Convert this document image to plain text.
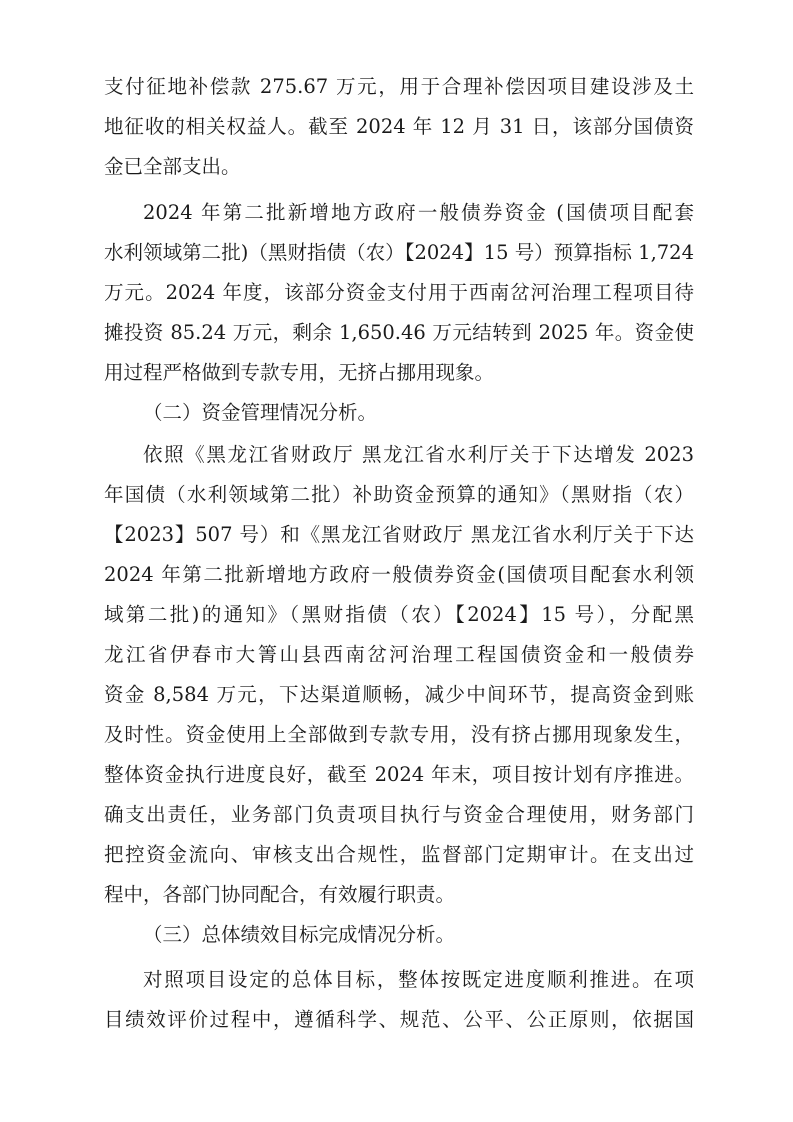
支付征地补偿款 275.67 万元，用于合理补偿因项目建设涉及土
地征收的相关权益人。截至 2024 年 12 月 31 日，该部分国债资
金已全部支出。
2024 年第二批新增地方政府一般债券资金 (国债项目配套
水利领域第二批)（黑财指债（农）【2024】15 号）预算指标 1,724
万元。2024 年度，该部分资金支付用于西南岔河治理工程项目待
摊投资 85.24 万元，剩余 1,650.46 万元结转到 2025 年。资金使
用过程严格做到专款专用，无挤占挪用现象。
（二）资金管理情况分析。
依照《黑龙江省财政厅 黑龙江省水利厅关于下达增发 2023
年国债（水利领域第二批）补助资金预算的通知》（黑财指（农）
【2023】507 号）和《黑龙江省财政厅 黑龙江省水利厅关于下达
2024 年第二批新增地方政府一般债券资金(国债项目配套水利领
域第二批)的通知》（黑财指债（农）【2024】15 号），分配黑
龙江省伊春市大箐山县西南岔河治理工程国债资金和一般债券
资金 8,584 万元，下达渠道顺畅，减少中间环节，提高资金到账
及时性。资金使用上全部做到专款专用，没有挤占挪用现象发生，
整体资金执行进度良好，截至 2024 年末，项目按计划有序推进。
确支出责任，业务部门负责项目执行与资金合理使用，财务部门
把控资金流向、审核支出合规性，监督部门定期审计。在支出过
程中，各部门协同配合，有效履行职责。
（三）总体绩效目标完成情况分析。
对照项目设定的总体目标，整体按既定进度顺利推进。在项
目绩效评价过程中，遵循科学、规范、公平、公正原则，依据国
